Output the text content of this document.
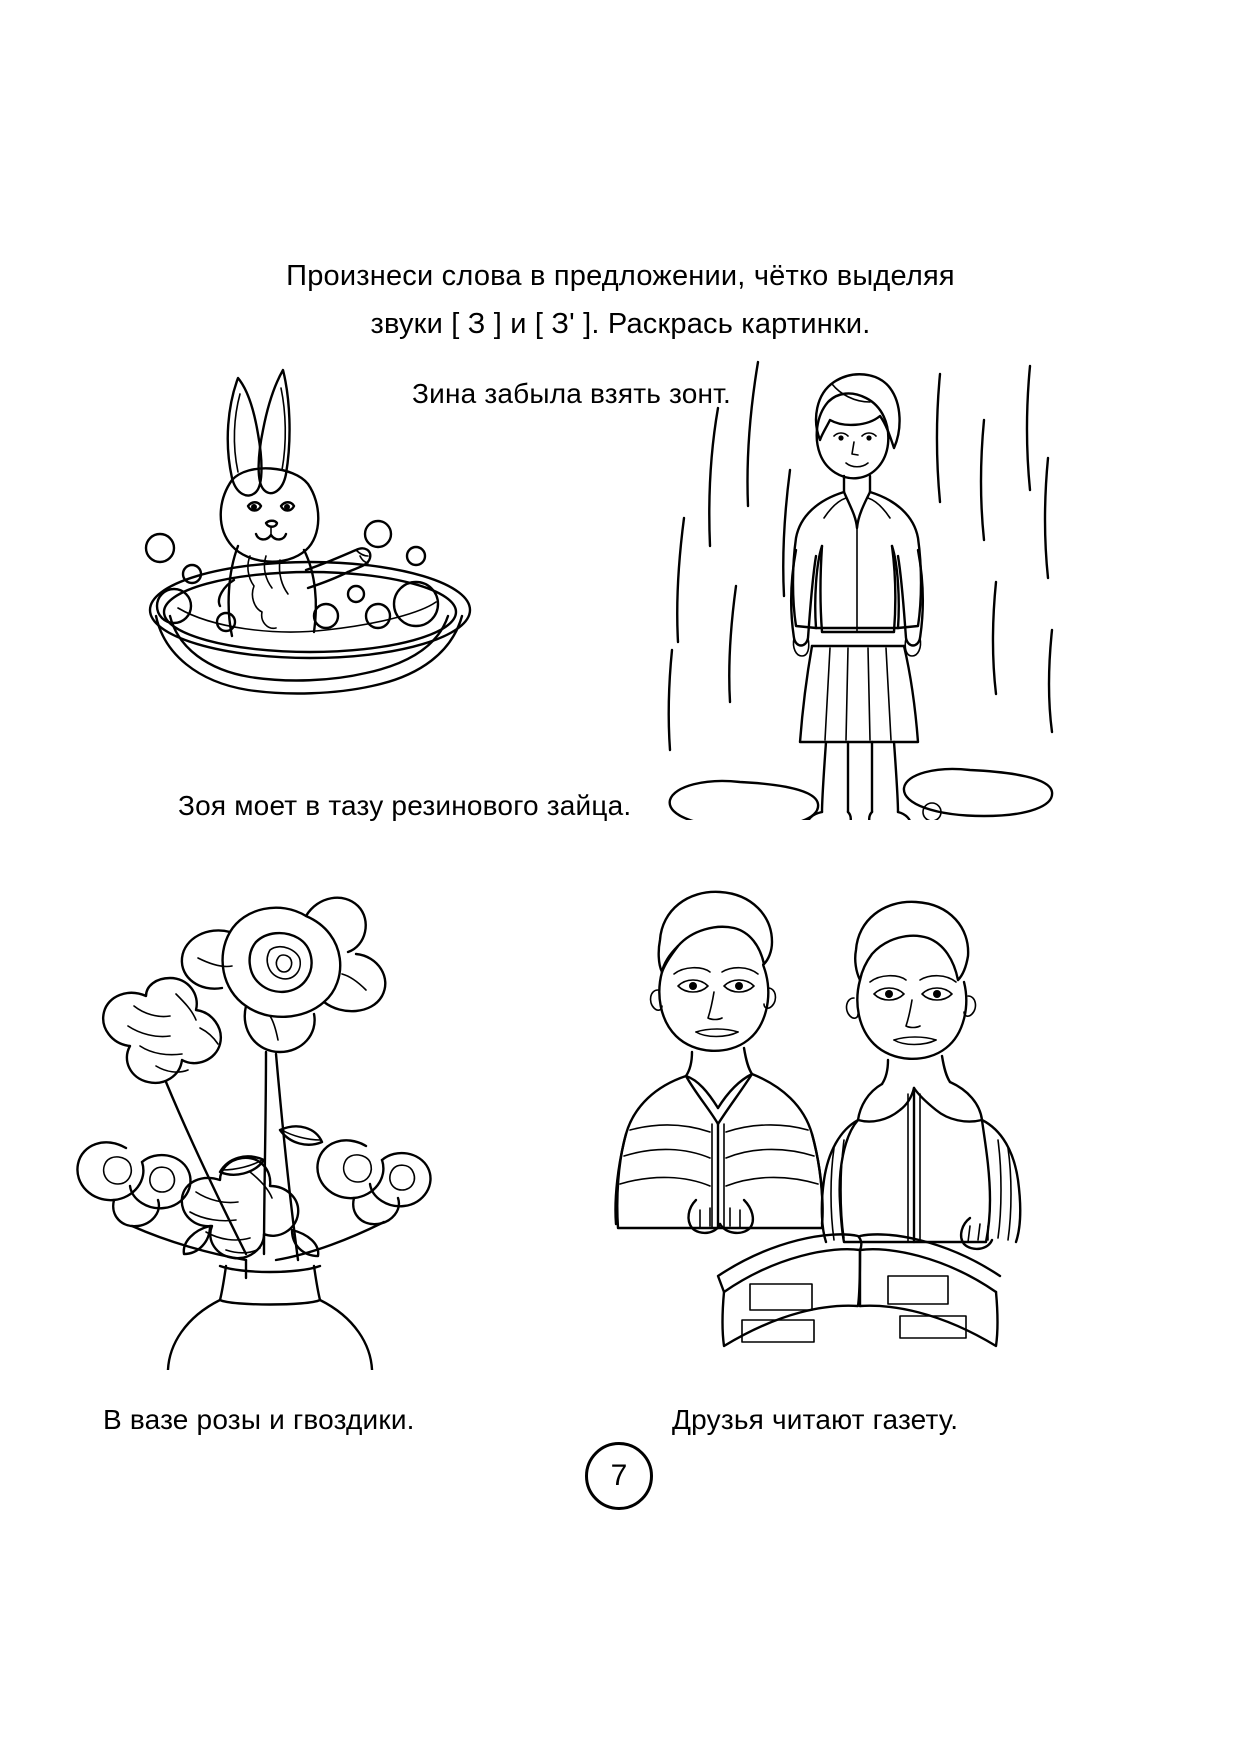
Произнеси слова в предложении, чётко выделяя
звуки [ З ] и [ З' ]. Раскрась картинки.
Зина забыла взять зонт.
Зоя моет в тазу резинового зайца.
В вазе розы и гвоздики.	Друзья читают газету.
7
